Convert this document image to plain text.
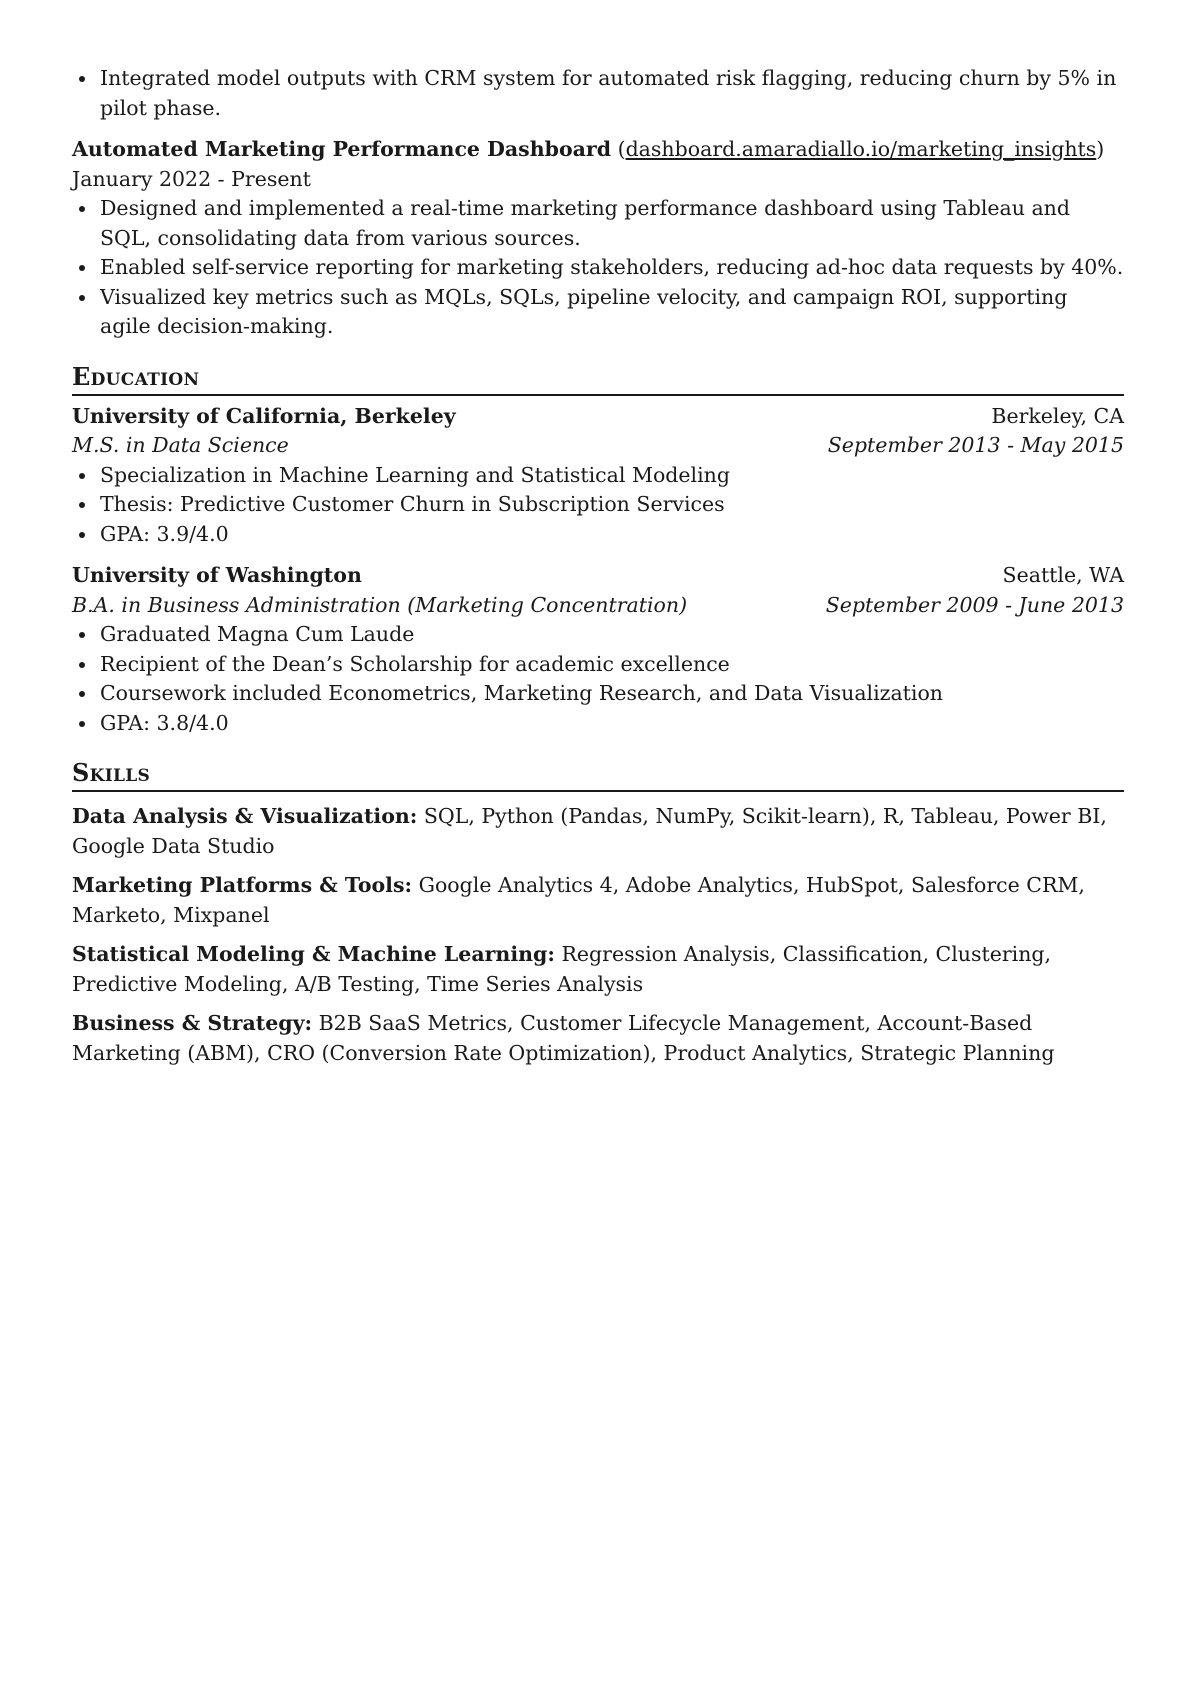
Integrated model outputs with CRM system for automated risk flagging, reducing churn by 5% in pilot phase.
Automated Marketing Performance Dashboard (dashboard.amaradiallo.io/marketing_insights) January 2022 - Present
Designed and implemented a real-time marketing performance dashboard using Tableau and SQL, consolidating data from various sources.
Enabled self-service reporting for marketing stakeholders, reducing ad-hoc data requests by 40%.
Visualized key metrics such as MQLs, SQLs, pipeline velocity, and campaign ROI, supporting agile decision-making.
Education
University of California, Berkeley	Berkeley, CA
M.S. in Data Science	September 2013 - May 2015
Specialization in Machine Learning and Statistical Modeling
Thesis: Predictive Customer Churn in Subscription Services
GPA: 3.9/4.0
University of Washington	Seattle, WA
B.A. in Business Administration (Marketing Concentration)	September 2009 - June 2013
Graduated Magna Cum Laude
Recipient of the Dean’s Scholarship for academic excellence
Coursework included Econometrics, Marketing Research, and Data Visualization
GPA: 3.8/4.0
Skills
Data Analysis & Visualization: SQL, Python (Pandas, NumPy, Scikit-learn), R, Tableau, Power BI, Google Data Studio
Marketing Platforms & Tools: Google Analytics 4, Adobe Analytics, HubSpot, Salesforce CRM, Marketo, Mixpanel
Statistical Modeling & Machine Learning: Regression Analysis, Classification, Clustering, Predictive Modeling, A/B Testing, Time Series Analysis
Business & Strategy: B2B SaaS Metrics, Customer Lifecycle Management, Account-Based Marketing (ABM), CRO (Conversion Rate Optimization), Product Analytics, Strategic Planning
